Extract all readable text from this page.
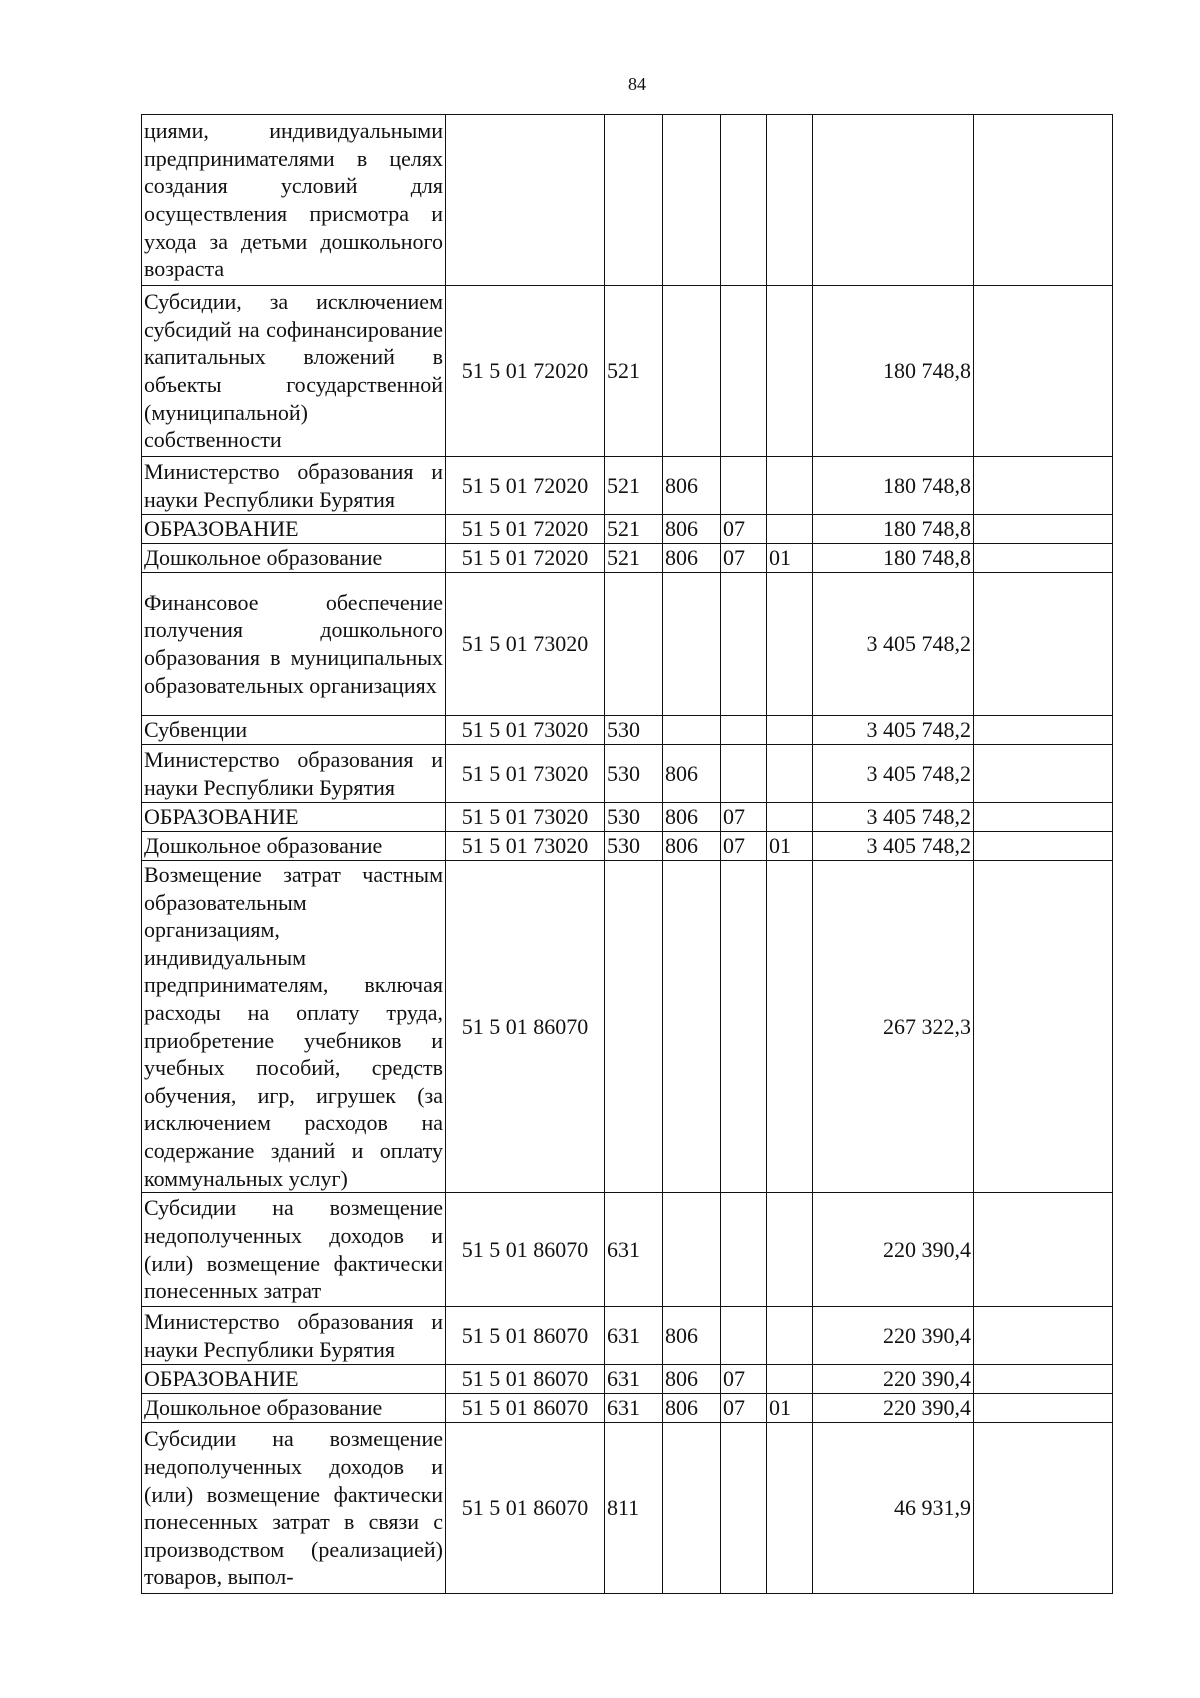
84
циями, индивидуальными предпринимателями в целях создания условий для осуществления присмотра и ухода за детьми дошкольного возраста							
Субсидии, за исключением субсидий на софинансирование капитальных вложений в объекты государственной (муниципальной) собственности	51 5 01 72020	521				180 748,8	
Министерство образования и науки Республики Бурятия	51 5 01 72020	521	806			180 748,8	
ОБРАЗОВАНИЕ	51 5 01 72020	521	806	07		180 748,8	
Дошкольное образование	51 5 01 72020	521	806	07	01	180 748,8	
Финансовое обеспечение получения дошкольного образования в муниципальных образовательных организациях	51 5 01 73020					3 405 748,2	
Субвенции	51 5 01 73020	530				3 405 748,2	
Министерство образования и науки Республики Бурятия	51 5 01 73020	530	806			3 405 748,2	
ОБРАЗОВАНИЕ	51 5 01 73020	530	806	07		3 405 748,2	
Дошкольное образование	51 5 01 73020	530	806	07	01	3 405 748,2	
Возмещение затрат частным образовательным организациям, индивидуальным предпринимателям, включая расходы на оплату труда, приобретение учебников и учебных пособий, средств обучения, игр, игрушек (за исключением расходов на содержание зданий и оплату коммунальных услуг)	51 5 01 86070					267 322,3	
Субсидии на возмещение недополученных доходов и (или) возмещение фактически понесенных затрат	51 5 01 86070	631				220 390,4	
Министерство образования и науки Республики Бурятия	51 5 01 86070	631	806			220 390,4	
ОБРАЗОВАНИЕ	51 5 01 86070	631	806	07		220 390,4	
Дошкольное образование	51 5 01 86070	631	806	07	01	220 390,4	
Субсидии на возмещение недополученных доходов и (или) возмещение фактически понесенных затрат в связи с производством (реализацией) товаров, выпол-	51 5 01 86070	811				46 931,9	
